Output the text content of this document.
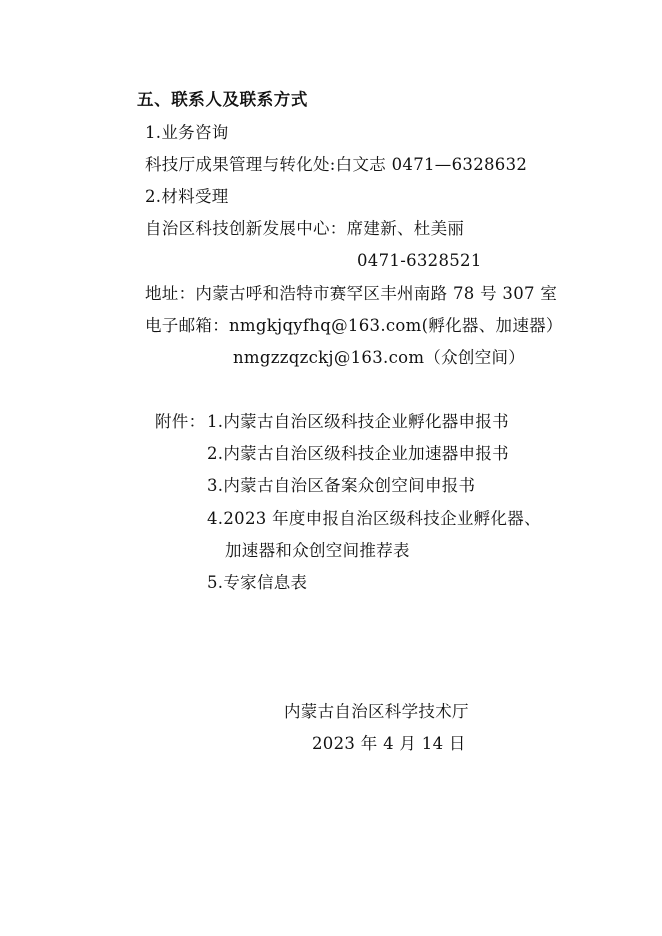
五、联系人及联系方式
1.业务咨询
科技厅成果管理与转化处:白文志 0471—6328632
2.材料受理
自治区科技创新发展中心：席建新、杜美丽
0471-6328521
地址：内蒙古呼和浩特市赛罕区丰州南路 78 号 307 室
电子邮箱：nmgkjqyfhq@163.com(孵化器、加速器）
nmgzzqzckj@163.com（众创空间）
附件： 1.内蒙古自治区级科技企业孵化器申报书
2.内蒙古自治区级科技企业加速器申报书
3.内蒙古自治区备案众创空间申报书
4.2023 年度申报自治区级科技企业孵化器、
加速器和众创空间推荐表
5.专家信息表
内蒙古自治区科学技术厅
2023 年 4 月 14 日
